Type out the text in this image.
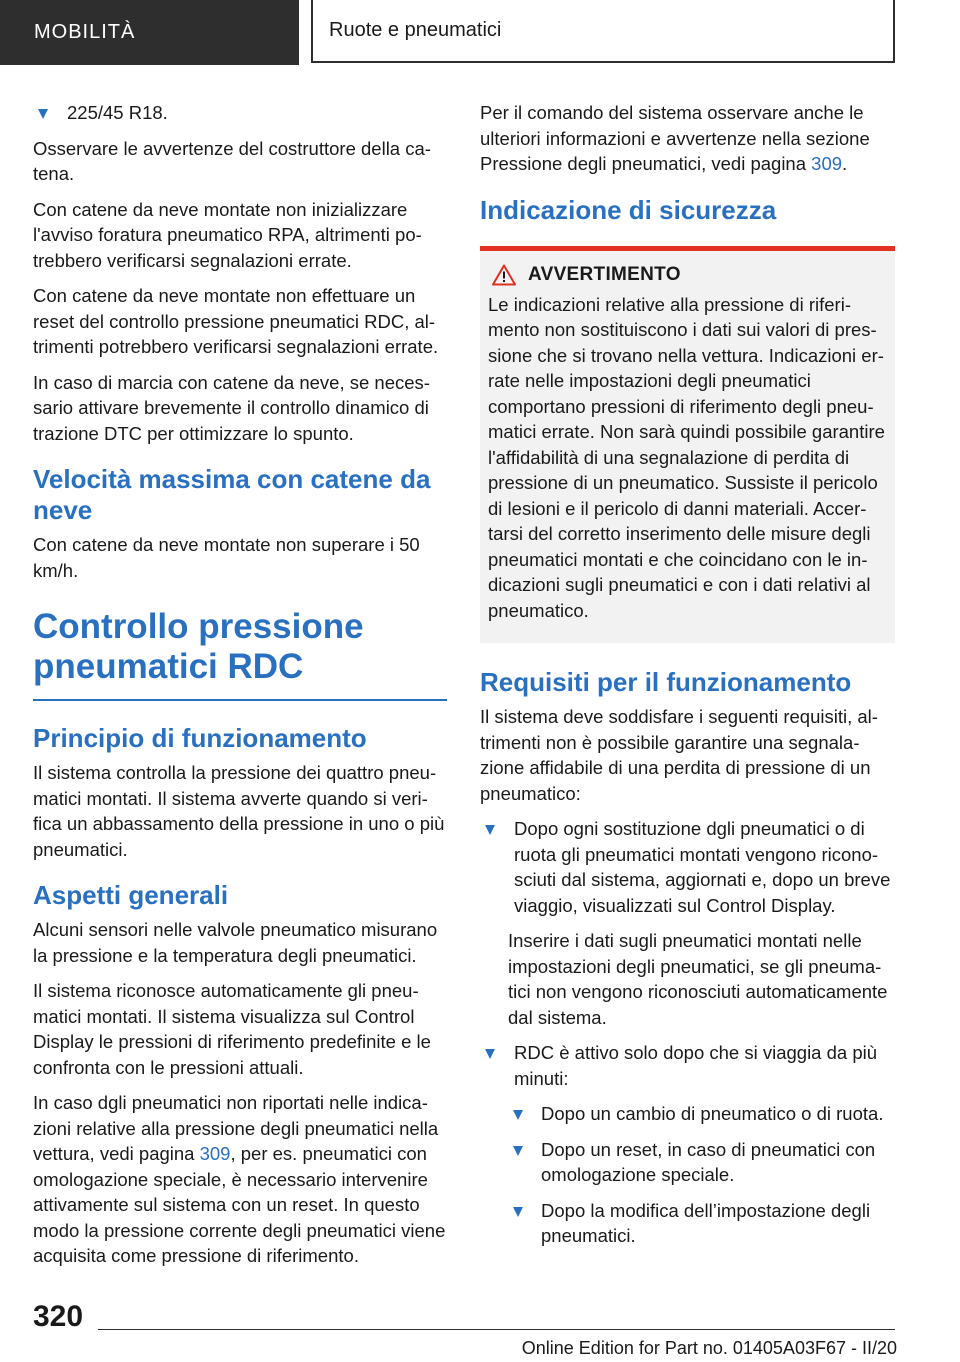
MOBILITÀ	Ruote e pneumatici

225/45 R18.

Osservare le avvertenze del costruttore della catena.

Con catene da neve montate non inizializzare l'avviso foratura pneumatico RPA, altrimenti potrebbero verificarsi segnalazioni errate.

Con catene da neve montate non effettuare un reset del controllo pressione pneumatici RDC, altrimenti potrebbero verificarsi segnalazioni errate.

In caso di marcia con catene da neve, se necessario attivare brevemente il controllo dinamico di trazione DTC per ottimizzare lo spunto.

Velocità massima con catene da neve

Con catene da neve montate non superare i 50 km/h.

Controllo pressione pneumatici RDC
Principio di funzionamento

Il sistema controlla la pressione dei quattro pneumatici montati. Il sistema avverte quando si verifica un abbassamento della pressione in uno o più pneumatici.

Aspetti generali

Alcuni sensori nelle valvole pneumatico misurano la pressione e la temperatura degli pneumatici.

Il sistema riconosce automaticamente gli pneumatici montati. Il sistema visualizza sul Control Display le pressioni di riferimento predefinite e le confronta con le pressioni attuali.

In caso dgli pneumatici non riportati nelle indicazioni relative alla pressione degli pneumatici nella vettura, vedi pagina 309, per es. pneumatici con omologazione speciale, è necessario intervenire attivamente sul sistema con un reset. In questo modo la pressione corrente degli pneumatici viene acquisita come pressione di riferimento.

Per il comando del sistema osservare anche le ulteriori informazioni e avvertenze nella sezione Pressione degli pneumatici, vedi pagina 309.

Indicazione di sicurezza
AVVERTIMENTO

Le indicazioni relative alla pressione di riferimento non sostituiscono i dati sui valori di pressione che si trovano nella vettura. Indicazioni errate nelle impostazioni degli pneumatici comportano pressioni di riferimento degli pneumatici errate. Non sarà quindi possibile garantire l'affidabilità di una segnalazione di perdita di pressione di un pneumatico. Sussiste il pericolo di lesioni e il pericolo di danni materiali. Accertarsi del corretto inserimento delle misure degli pneumatici montati e che coincidano con le indicazioni sugli pneumatici e con i dati relativi al pneumatico.

Requisiti per il funzionamento

Il sistema deve soddisfare i seguenti requisiti, altrimenti non è possibile garantire una segnalazione affidabile di una perdita di pressione di un pneumatico:

Dopo ogni sostituzione dgli pneumatici o di ruota gli pneumatici montati vengono riconosciuti dal sistema, aggiornati e, dopo un breve viaggio, visualizzati sul Control Display.

Inserire i dati sugli pneumatici montati nelle impostazioni degli pneumatici, se gli pneumatici non vengono riconosciuti automaticamente dal sistema.

RDC è attivo solo dopo che si viaggia da più minuti:

Dopo un cambio di pneumatico o di ruota.

Dopo un reset, in caso di pneumatici con omologazione speciale.

Dopo la modifica dell’impostazione degli pneumatici.

320
Online Edition for Part no. 01405A03F67 - II/20
